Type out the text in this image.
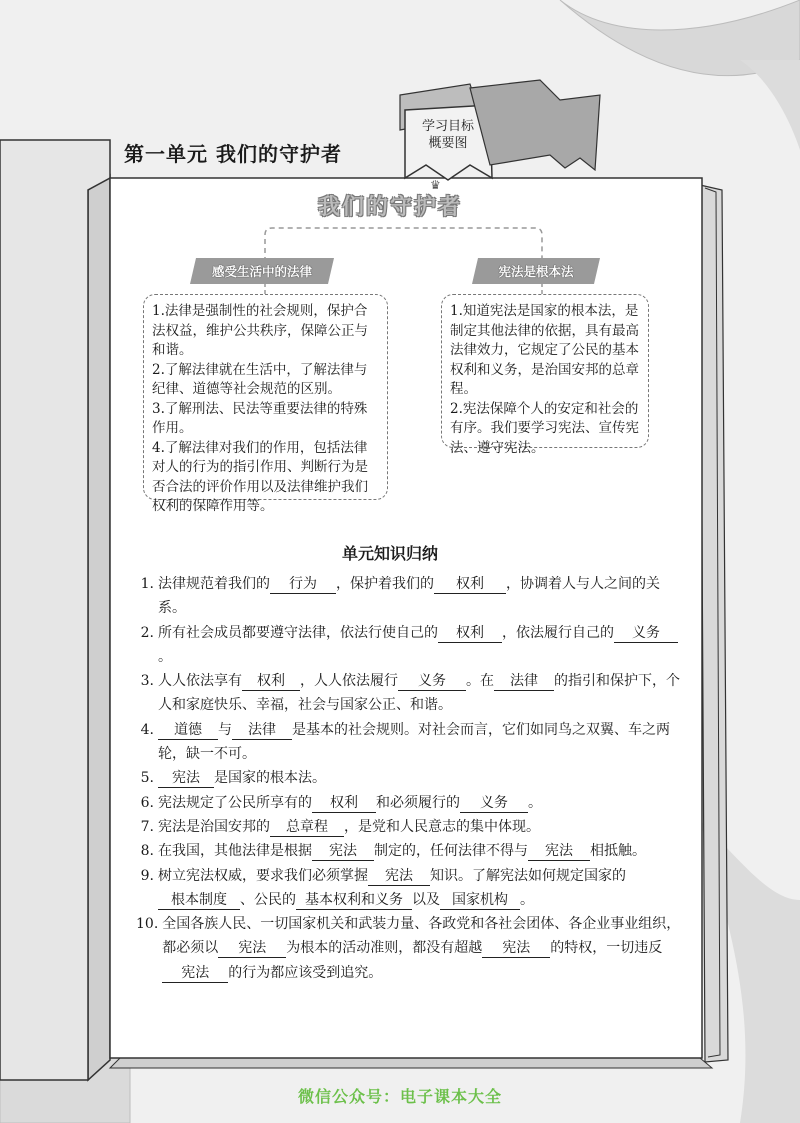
第一单元 我们的守护者
学习目标
概要图
♛
我们的守护者
感受生活中的法律	宪法是根本法

1.法律是强制性的社会规则，保护合法权益，维护公共秩序，保障公正与和谐。

2.了解法律就在生活中，了解法律与纪律、道德等社会规范的区别。

3.了解刑法、民法等重要法律的特殊作用。

4.了解法律对我们的作用，包括法律对人的行为的指引作用、判断行为是否合法的评价作用以及法律维护我们权利的保障作用等。

1.知道宪法是国家的根本法，是制定其他法律的依据，具有最高法律效力，它规定了公民的基本权利和义务，是治国安邦的总章程。

2.宪法保障个人的安定和社会的有序。我们要学习宪法、宣传宪法、遵守宪法。

单元知识归纳
1. 法律规范着我们的 行为 ，保护着我们的 权利 ，协调着人与人之间的关系。
2. 所有社会成员都要遵守法律，依法行使自己的 权利 ，依法履行自己的 义务。
3. 人人依法享有 权利 ，人人依法履行 义务 。在 法律 的指引和保护下，个人和家庭快乐、幸福，社会与国家公正、和谐。
4.	道德 与 法律 是基本的社会规则。对社会而言，它们如同鸟之双翼、车之两轮，缺一不可。
5.	宪法 是国家的根本法。
6. 宪法规定了公民所享有的 权利 和必须履行的 义务 。
7. 宪法是治国安邦的 总章程 ，是党和人民意志的集中体现。
8. 在我国，其他法律是根据 宪法 制定的，任何法律不得与 宪法 相抵触。
9. 树立宪法权威，要求我们必须掌握 宪法 知识。了解宪法如何规定国家的根本制度 、公民的 基本权利和义务 以及 国家机构 。
10. 全国各族人民、一切国家机关和武装力量、各政党和各社会团体、各企业事业组织，都必须以 宪法 为根本的活动准则，都没有超越 宪法 的特权，一切违反宪法 的行为都应该受到追究。
微信公众号：电子课本大全
